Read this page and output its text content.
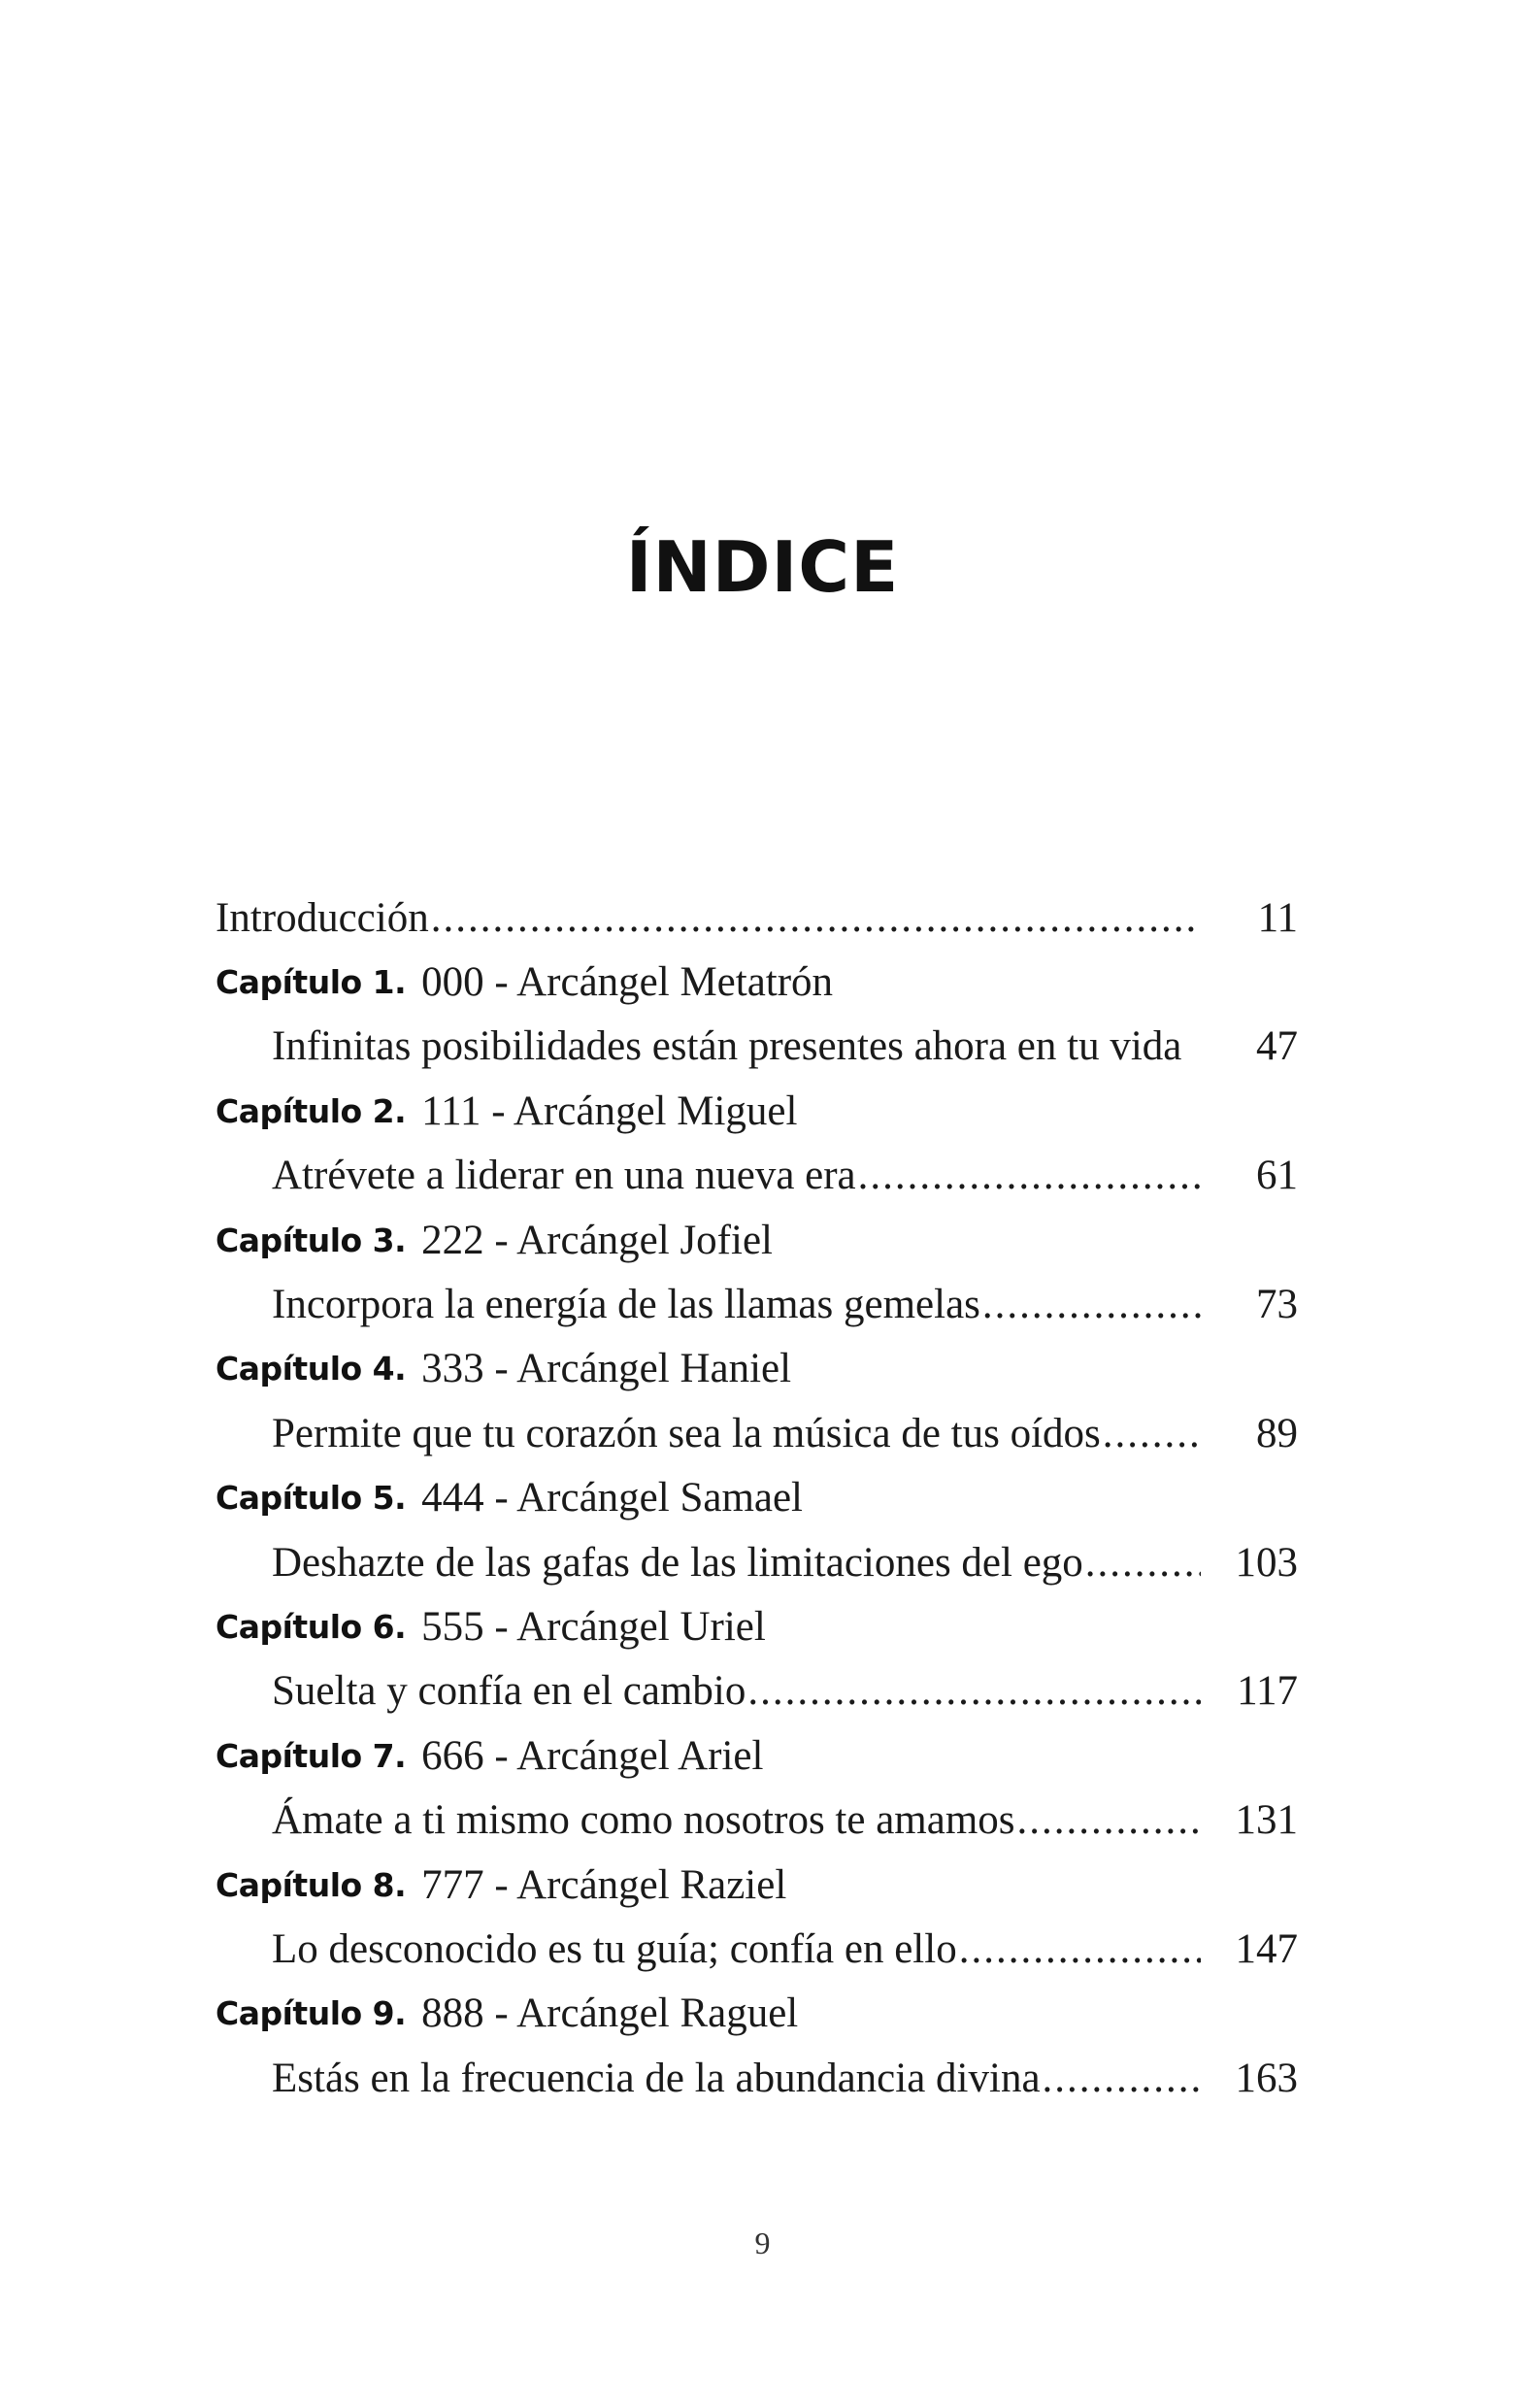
ÍNDICE
Introducción .....	11
Capítulo 1. 000 - Arcángel Metatrón
Infinitas posibilidades están presentes ahora en tu vida	47
Capítulo 2. 111 - Arcángel Miguel
Atrévete a liderar en una nueva era .....	61
Capítulo 3. 222 - Arcángel Jofiel
Incorpora la energía de las llamas gemelas .....	73
Capítulo 4. 333 - Arcángel Haniel
Permite que tu corazón sea la música de tus oídos .....	89
Capítulo 5. 444 - Arcángel Samael
Deshazte de las gafas de las limitaciones del ego .....	103
Capítulo 6. 555 - Arcángel Uriel
Suelta y confía en el cambio .....	117
Capítulo 7. 666 - Arcángel Ariel
Ámate a ti mismo como nosotros te amamos .....	131
Capítulo 8. 777 - Arcángel Raziel
Lo desconocido es tu guía; confía en ello .....	147
Capítulo 9. 888 - Arcángel Raguel
Estás en la frecuencia de la abundancia divina .....	163
9
